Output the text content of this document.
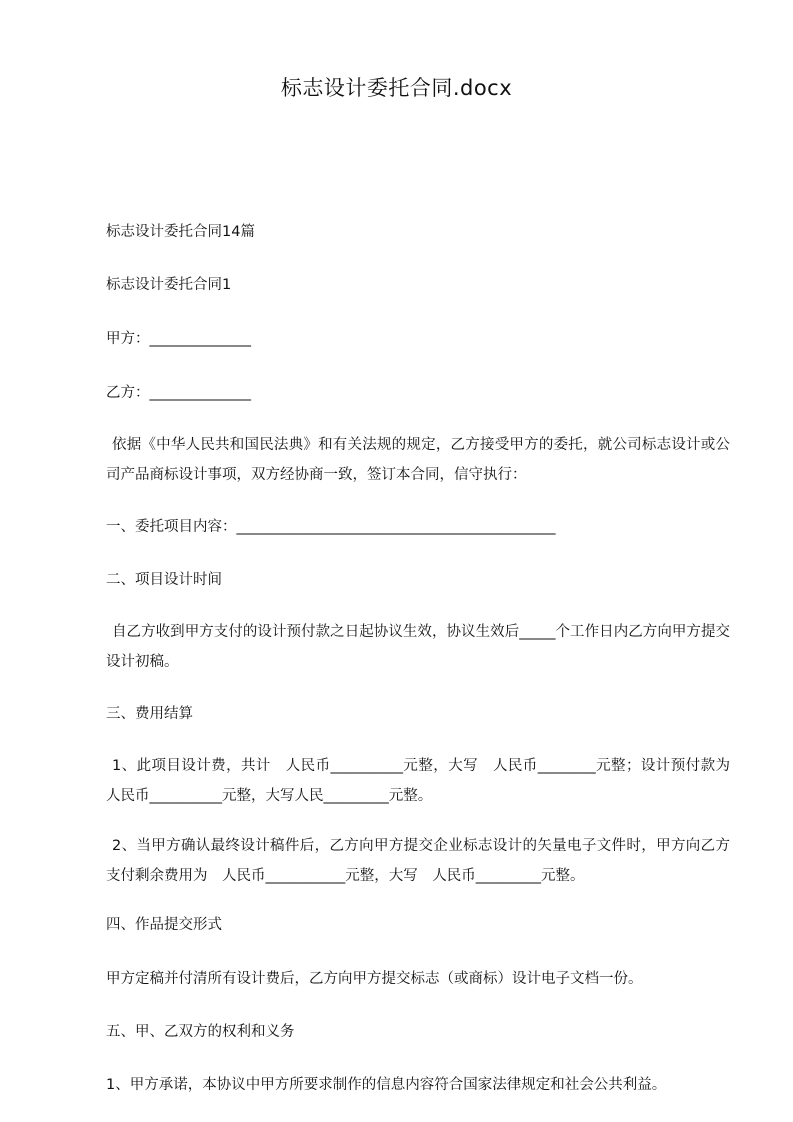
标志设计委托合同.docx
标志设计委托合同14篇
标志设计委托合同1
甲方：______________
乙方：______________
依据《中华人民共和国民法典》和有关法规的规定，乙方接受甲方的委托，就公司标志设计或公司产品商标设计事项，双方经协商一致，签订本合同，信守执行：
一、委托项目内容：____________________________________________
二、项目设计时间
自乙方收到甲方支付的设计预付款之日起协议生效，协议生效后_____个工作日内乙方向甲方提交设计初稿。
三、费用结算
1、此项目设计费，共计　人民币__________元整，大写　人民币________元整；设计预付款为　人民币__________元整，大写人民_________元整。
2、当甲方确认最终设计稿件后，乙方向甲方提交企业标志设计的矢量电子文件时，甲方向乙方支付剩余费用为　人民币___________元整，大写　人民币_________元整。
四、作品提交形式
甲方定稿并付清所有设计费后，乙方向甲方提交标志（或商标）设计电子文档一份。
五、甲、乙双方的权利和义务
1、甲方承诺，本协议中甲方所要求制作的信息内容符合国家法律规定和社会公共利益。
